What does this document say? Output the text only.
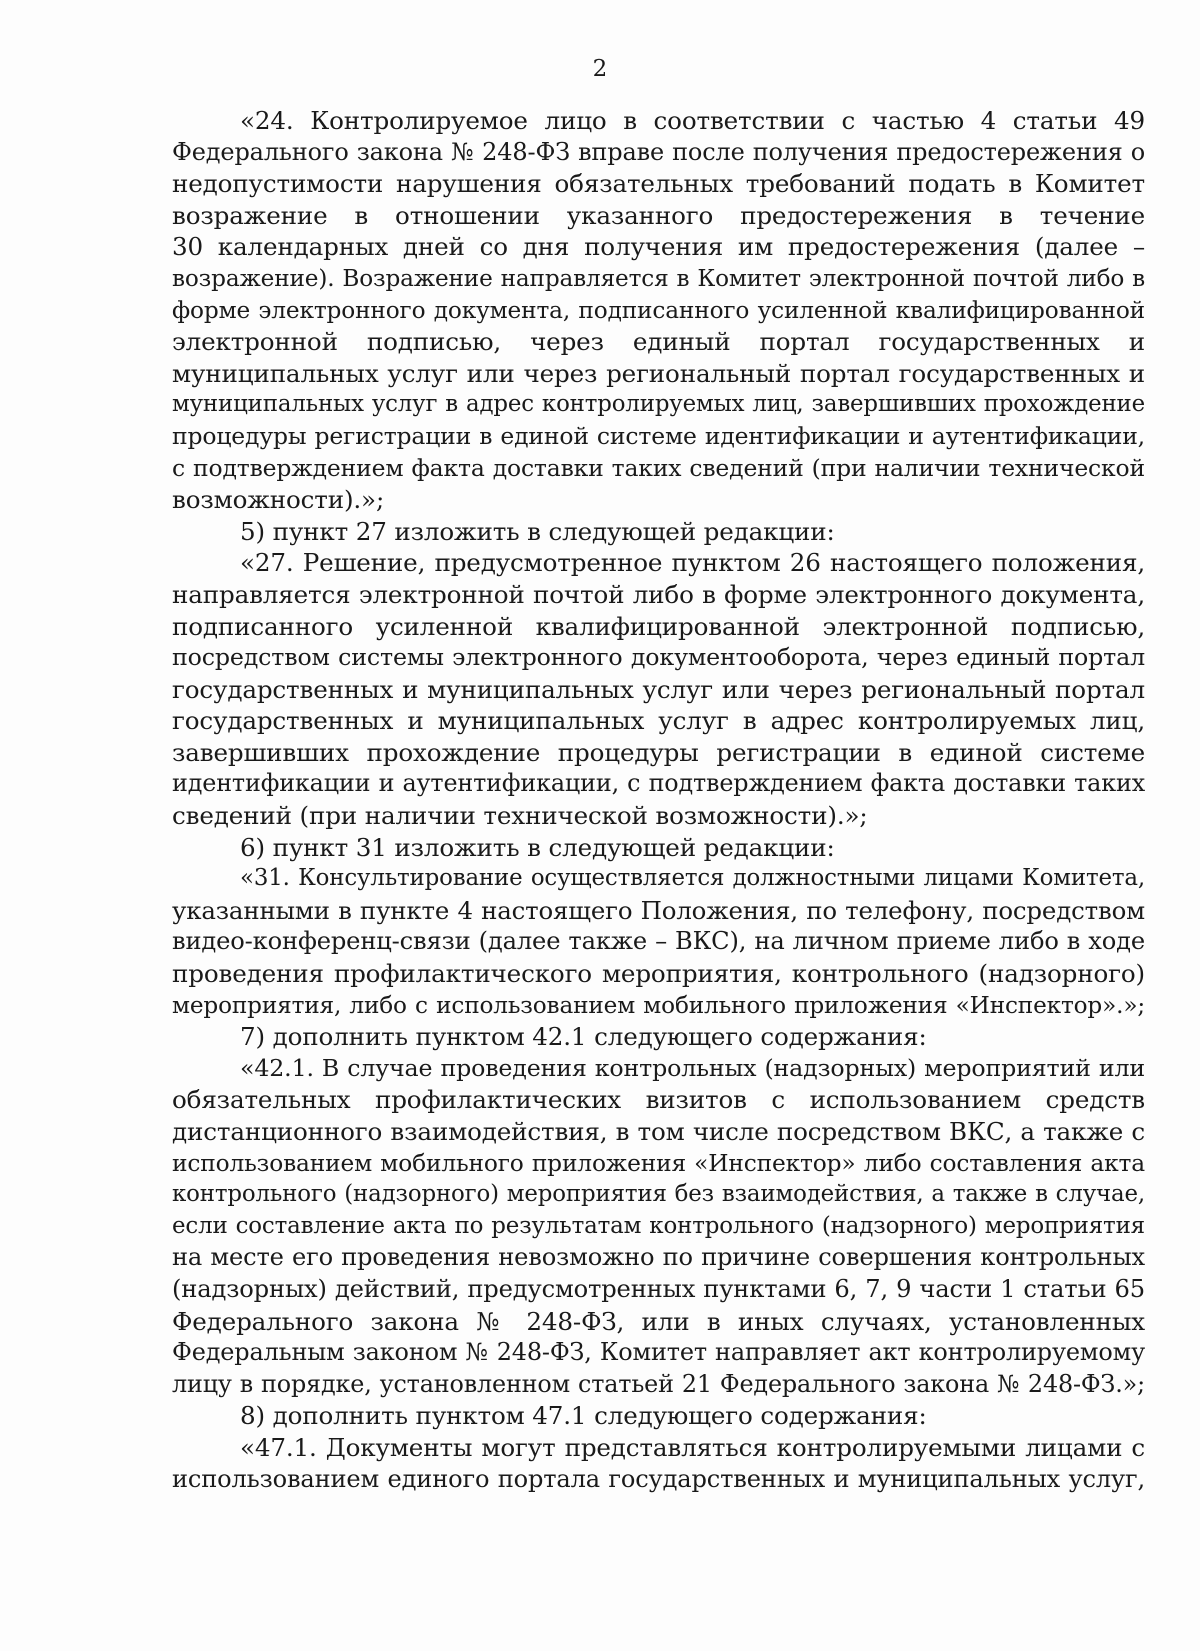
2
«24. Контролируемое лицо в соответствии с частью 4 статьи 49
Федерального закона № 248-ФЗ вправе после получения предостережения о
недопустимости нарушения обязательных требований подать в Комитет
возражение в отношении указанного предостережения в течение
30 календарных дней со дня получения им предостережения (далее –
возражение). Возражение направляется в Комитет электронной почтой либо в
форме электронного документа, подписанного усиленной квалифицированной
электронной подписью, через единый портал государственных и
муниципальных услуг или через региональный портал государственных и
муниципальных услуг в адрес контролируемых лиц, завершивших прохождение
процедуры регистрации в единой системе идентификации и аутентификации,
с подтверждением факта доставки таких сведений (при наличии технической
возможности).»;
5) пункт 27 изложить в следующей редакции:
«27. Решение, предусмотренное пунктом 26 настоящего положения,
направляется электронной почтой либо в форме электронного документа,
подписанного усиленной квалифицированной электронной подписью,
посредством системы электронного документооборота, через единый портал
государственных и муниципальных услуг или через региональный портал
государственных и муниципальных услуг в адрес контролируемых лиц,
завершивших прохождение процедуры регистрации в единой системе
идентификации и аутентификации, с подтверждением факта доставки таких
сведений (при наличии технической возможности).»;
6) пункт 31 изложить в следующей редакции:
«31. Консультирование осуществляется должностными лицами Комитета,
указанными в пункте 4 настоящего Положения, по телефону, посредством
видео-конференц-связи (далее также – ВКС), на личном приеме либо в ходе
проведения профилактического мероприятия, контрольного (надзорного)
мероприятия, либо с использованием мобильного приложения «Инспектор».»;
7) дополнить пунктом 42.1 следующего содержания:
«42.1. В случае проведения контрольных (надзорных) мероприятий или
обязательных профилактических визитов с использованием средств
дистанционного взаимодействия, в том числе посредством ВКС, а также с
использованием мобильного приложения «Инспектор» либо составления акта
контрольного (надзорного) мероприятия без взаимодействия, а также в случае,
если составление акта по результатам контрольного (надзорного) мероприятия
на месте его проведения невозможно по причине совершения контрольных
(надзорных) действий, предусмотренных пунктами 6, 7, 9 части 1 статьи 65
Федерального закона № 248-ФЗ, или в иных случаях, установленных
Федеральным законом № 248-ФЗ, Комитет направляет акт контролируемому
лицу в порядке, установленном статьей 21 Федерального закона № 248-ФЗ.»;
8) дополнить пунктом 47.1 следующего содержания:
«47.1. Документы могут представляться контролируемыми лицами с
использованием единого портала государственных и муниципальных услуг,
